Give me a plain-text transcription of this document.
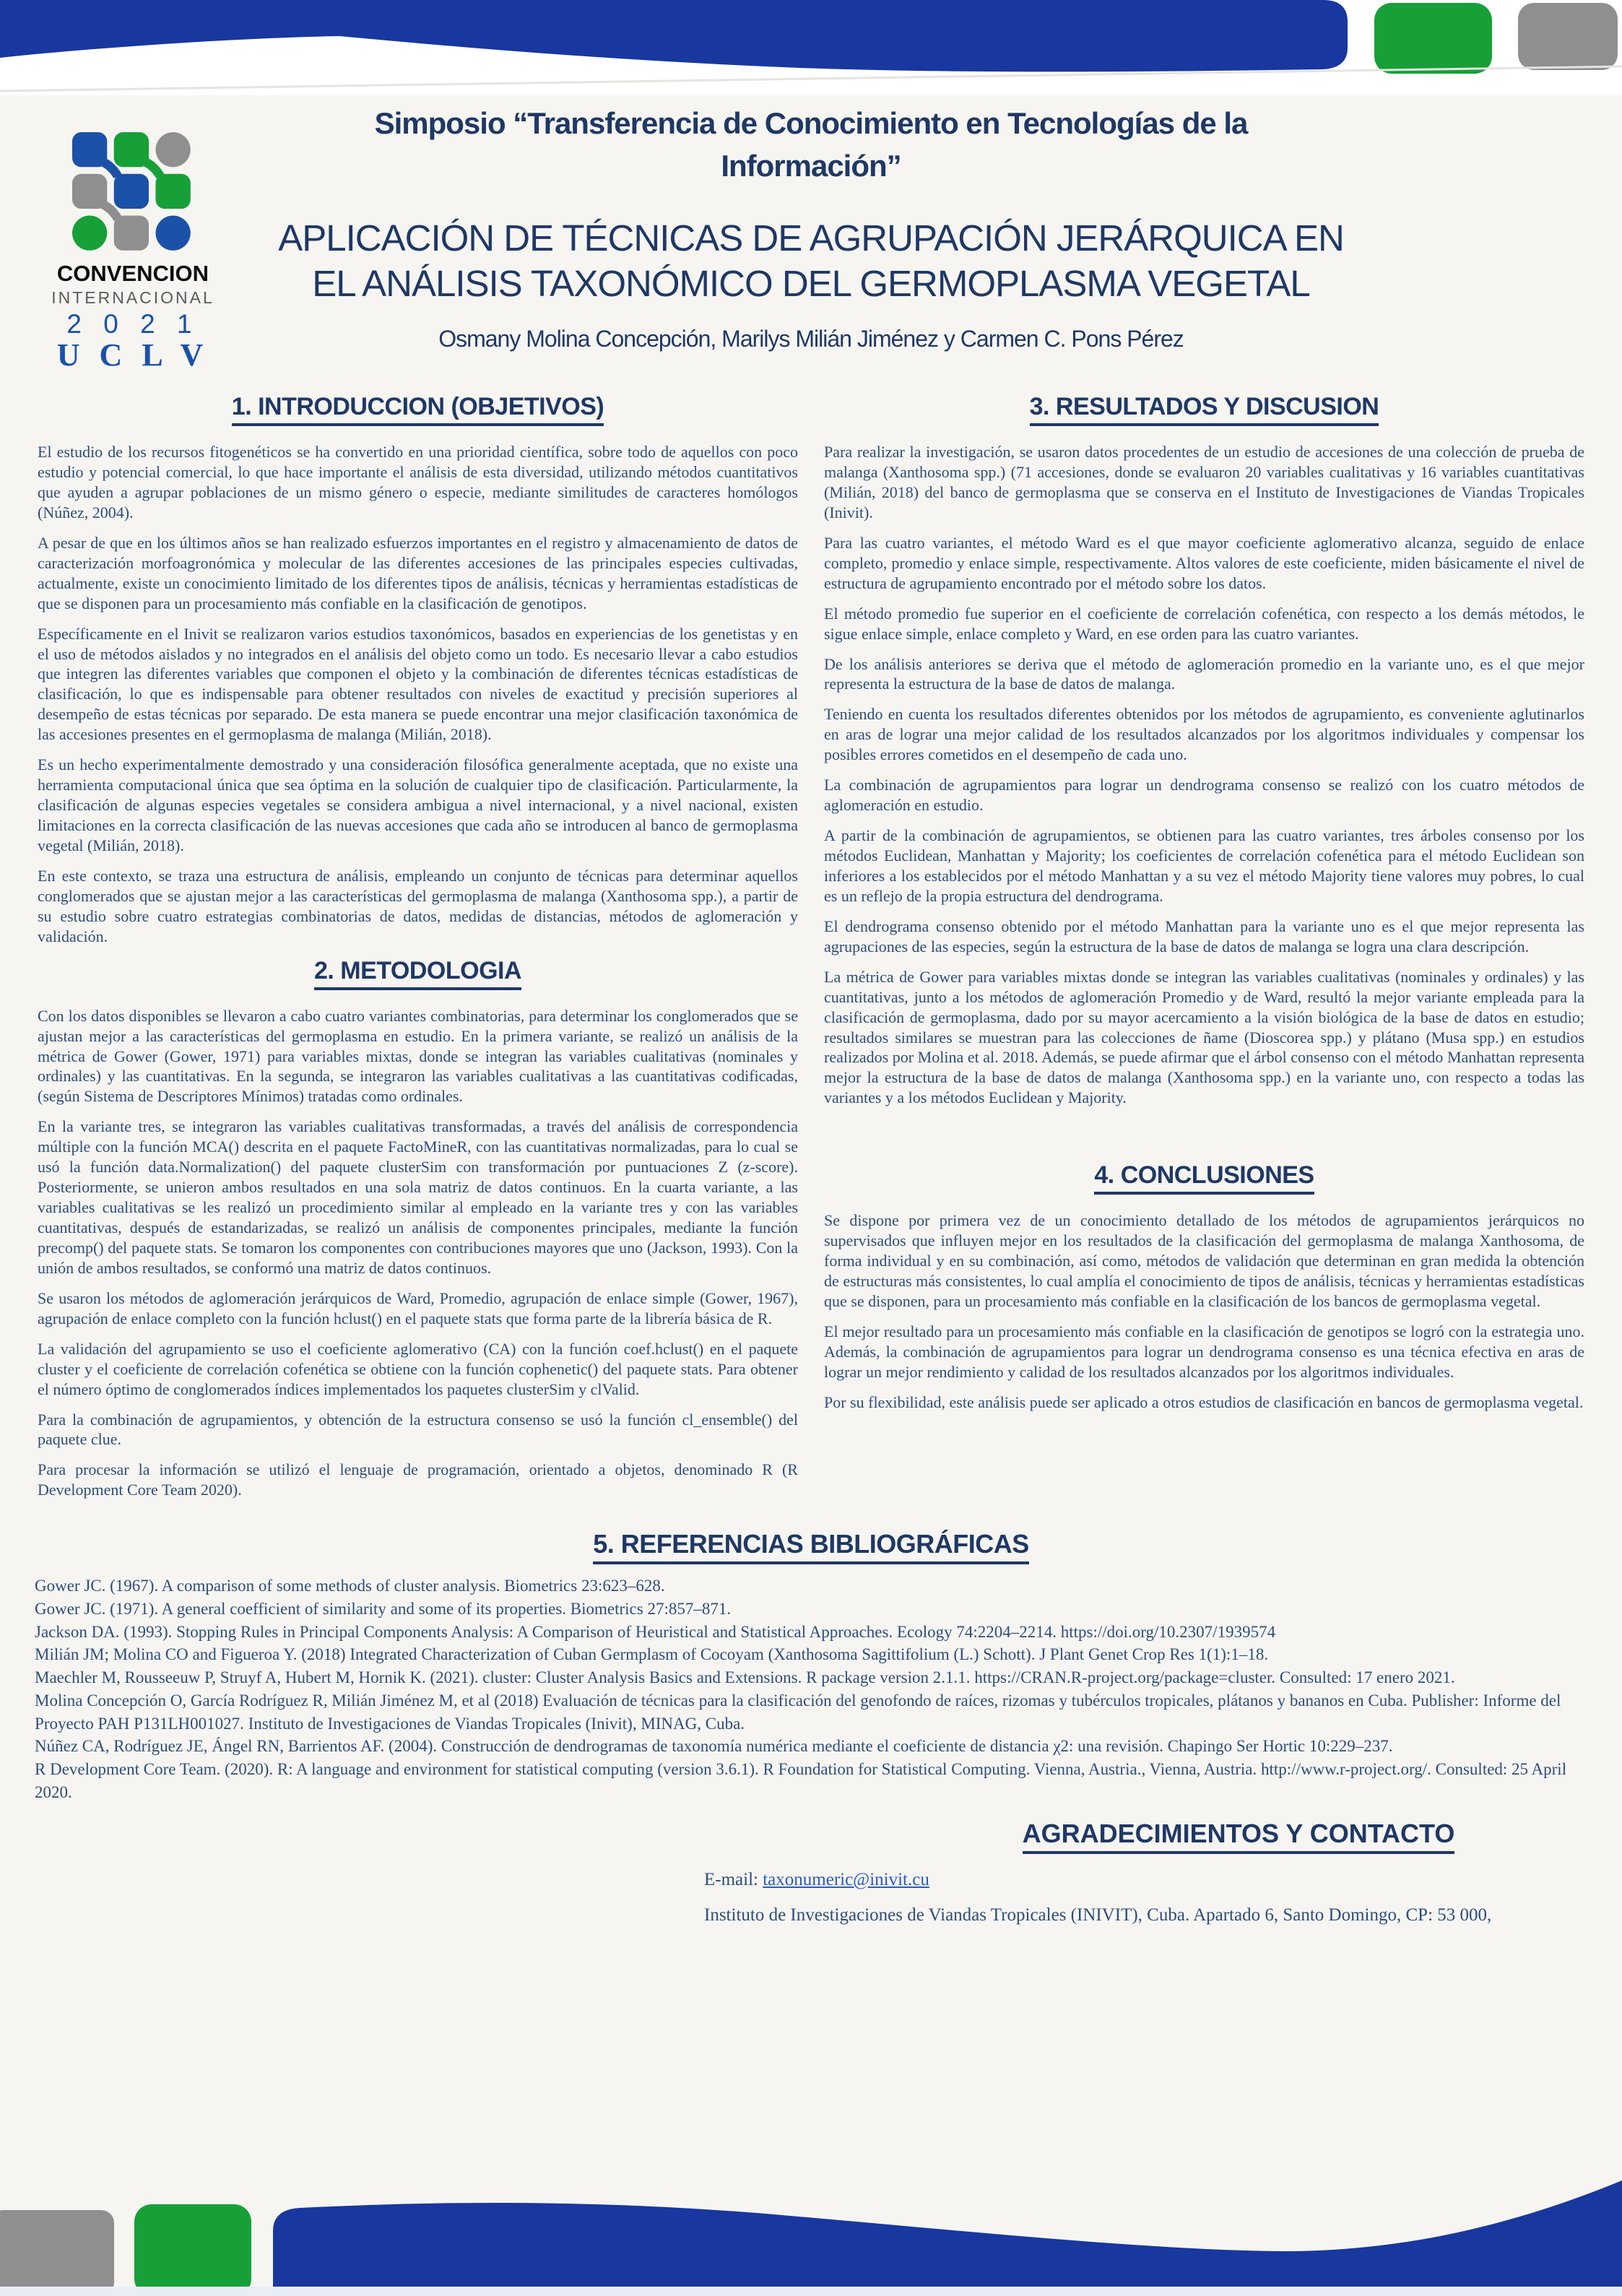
CONVENCION
INTERNACIONAL
2 0 2 1
U C L V
Simposio “Transferencia de Conocimiento en Tecnologías de la Información”
APLICACIÓN DE TÉCNICAS DE AGRUPACIÓN JERÁRQUICA EN EL ANÁLISIS TAXONÓMICO DEL GERMOPLASMA VEGETAL
Osmany Molina Concepción, Marilys Milián Jiménez y Carmen C. Pons Pérez
1. INTRODUCCION (OBJETIVOS)

El estudio de los recursos fitogenéticos se ha convertido en una prioridad científica, sobre todo de aquellos con poco estudio y potencial comercial, lo que hace importante el análisis de esta diversidad, utilizando métodos cuantitativos que ayuden a agrupar poblaciones de un mismo género o especie, mediante similitudes de caracteres homólogos (Núñez, 2004).

A pesar de que en los últimos años se han realizado esfuerzos importantes en el registro y almacenamiento de datos de caracterización morfoagronómica y molecular de las diferentes accesiones de las principales especies cultivadas, actualmente, existe un conocimiento limitado de los diferentes tipos de análisis, técnicas y herramientas estadísticas de que se disponen para un procesamiento más confiable en la clasificación de genotipos.

Específicamente en el Inivit se realizaron varios estudios taxonómicos, basados en experiencias de los genetistas y en el uso de métodos aislados y no integrados en el análisis del objeto como un todo. Es necesario llevar a cabo estudios que integren las diferentes variables que componen el objeto y la combinación de diferentes técnicas estadísticas de clasificación, lo que es indispensable para obtener resultados con niveles de exactitud y precisión superiores al desempeño de estas técnicas por separado. De esta manera se puede encontrar una mejor clasificación taxonómica de las accesiones presentes en el germoplasma de malanga (Milián, 2018).

Es un hecho experimentalmente demostrado y una consideración filosófica generalmente aceptada, que no existe una herramienta computacional única que sea óptima en la solución de cualquier tipo de clasificación. Particularmente, la clasificación de algunas especies vegetales se considera ambigua a nivel internacional, y a nivel nacional, existen limitaciones en la correcta clasificación de las nuevas accesiones que cada año se introducen al banco de germoplasma vegetal (Milián, 2018).

En este contexto, se traza una estructura de análisis, empleando un conjunto de técnicas para determinar aquellos conglomerados que se ajustan mejor a las características del germoplasma de malanga (Xanthosoma spp.), a partir de su estudio sobre cuatro estrategias combinatorias de datos, medidas de distancias, métodos de aglomeración y validación.

2. METODOLOGIA

Con los datos disponibles se llevaron a cabo cuatro variantes combinatorias, para determinar los conglomerados que se ajustan mejor a las características del germoplasma en estudio. En la primera variante, se realizó un análisis de la métrica de Gower (Gower, 1971) para variables mixtas, donde se integran las variables cualitativas (nominales y ordinales) y las cuantitativas. En la segunda, se integraron las variables cualitativas a las cuantitativas codificadas, (según Sistema de Descriptores Mínimos) tratadas como ordinales.

En la variante tres, se integraron las variables cualitativas transformadas, a través del análisis de correspondencia múltiple con la función MCA() descrita en el paquete FactoMineR, con las cuantitativas normalizadas, para lo cual se usó la función data.Normalization() del paquete clusterSim con transformación por puntuaciones Z (z-score). Posteriormente, se unieron ambos resultados en una sola matriz de datos continuos. En la cuarta variante, a las variables cualitativas se les realizó un procedimiento similar al empleado en la variante tres y con las variables cuantitativas, después de estandarizadas, se realizó un análisis de componentes principales, mediante la función precomp() del paquete stats. Se tomaron los componentes con contribuciones mayores que uno (Jackson, 1993). Con la unión de ambos resultados, se conformó una matriz de datos continuos.

Se usaron los métodos de aglomeración jerárquicos de Ward, Promedio, agrupación de enlace simple (Gower, 1967), agrupación de enlace completo con la función hclust() en el paquete stats que forma parte de la librería básica de R.

La validación del agrupamiento se uso el coeficiente aglomerativo (CA) con la función coef.hclust() en el paquete cluster y el coeficiente de correlación cofenética se obtiene con la función cophenetic() del paquete stats. Para obtener el número óptimo de conglomerados índices implementados los paquetes clusterSim y clValid.

Para la combinación de agrupamientos, y obtención de la estructura consenso se usó la función cl_ensemble() del paquete clue.

Para procesar la información se utilizó el lenguaje de programación, orientado a objetos, denominado R (R Development Core Team 2020).

3. RESULTADOS Y DISCUSION

Para realizar la investigación, se usaron datos procedentes de un estudio de accesiones de una colección de prueba de malanga (Xanthosoma spp.) (71 accesiones, donde se evaluaron 20 variables cualitativas y 16 variables cuantitativas (Milián, 2018) del banco de germoplasma que se conserva en el Instituto de Investigaciones de Viandas Tropicales (Inivit).

Para las cuatro variantes, el método Ward es el que mayor coeficiente aglomerativo alcanza, seguido de enlace completo, promedio y enlace simple, respectivamente. Altos valores de este coeficiente, miden básicamente el nivel de estructura de agrupamiento encontrado por el método sobre los datos.

El método promedio fue superior en el coeficiente de correlación cofenética, con respecto a los demás métodos, le sigue enlace simple, enlace completo y Ward, en ese orden para las cuatro variantes.

De los análisis anteriores se deriva que el método de aglomeración promedio en la variante uno, es el que mejor representa la estructura de la base de datos de malanga.

Teniendo en cuenta los resultados diferentes obtenidos por los métodos de agrupamiento, es conveniente aglutinarlos en aras de lograr una mejor calidad de los resultados alcanzados por los algoritmos individuales y compensar los posibles errores cometidos en el desempeño de cada uno.

La combinación de agrupamientos para lograr un dendrograma consenso se realizó con los cuatro métodos de aglomeración en estudio.

A partir de la combinación de agrupamientos, se obtienen para las cuatro variantes, tres árboles consenso por los métodos Euclidean, Manhattan y Majority; los coeficientes de correlación cofenética para el método Euclidean son inferiores a los establecidos por el método Manhattan y a su vez el método Majority tiene valores muy pobres, lo cual es un reflejo de la propia estructura del dendrograma.

El dendrograma consenso obtenido por el método Manhattan para la variante uno es el que mejor representa las agrupaciones de las especies, según la estructura de la base de datos de malanga se logra una clara descripción.

La métrica de Gower para variables mixtas donde se integran las variables cualitativas (nominales y ordinales) y las cuantitativas, junto a los métodos de aglomeración Promedio y de Ward, resultó la mejor variante empleada para la clasificación de germoplasma, dado por su mayor acercamiento a la visión biológica de la base de datos en estudio; resultados similares se muestran para las colecciones de ñame (Dioscorea spp.) y plátano (Musa spp.) en estudios realizados por Molina et al. 2018. Además, se puede afirmar que el árbol consenso con el método Manhattan representa mejor la estructura de la base de datos de malanga (Xanthosoma spp.) en la variante uno, con respecto a todas las variantes y a los métodos Euclidean y Majority.

4. CONCLUSIONES

Se dispone por primera vez de un conocimiento detallado de los métodos de agrupamientos jerárquicos no supervisados que influyen mejor en los resultados de la clasificación del germoplasma de malanga Xanthosoma, de forma individual y en su combinación, así como, métodos de validación que determinan en gran medida la obtención de estructuras más consistentes, lo cual amplía el conocimiento de tipos de análisis, técnicas y herramientas estadísticas que se disponen, para un procesamiento más confiable en la clasificación de los bancos de germoplasma vegetal.

El mejor resultado para un procesamiento más confiable en la clasificación de genotipos se logró con la estrategia uno. Además, la combinación de agrupamientos para lograr un dendrograma consenso es una técnica efectiva en aras de lograr un mejor rendimiento y calidad de los resultados alcanzados por los algoritmos individuales.

Por su flexibilidad, este análisis puede ser aplicado a otros estudios de clasificación en bancos de germoplasma vegetal.

5. REFERENCIAS BIBLIOGRÁFICAS

Gower JC. (1967). A comparison of some methods of cluster analysis. Biometrics 23:623–628.

Gower JC. (1971). A general coefficient of similarity and some of its properties. Biometrics 27:857–871.

Jackson DA. (1993). Stopping Rules in Principal Components Analysis: A Comparison of Heuristical and Statistical Approaches. Ecology 74:2204–2214. https://doi.org/10.2307/1939574

Milián JM; Molina CO and Figueroa Y. (2018) Integrated Characterization of Cuban Germplasm of Cocoyam (Xanthosoma Sagittifolium (L.) Schott). J Plant Genet Crop Res 1(1):1–18.

Maechler M, Rousseeuw P, Struyf A, Hubert M, Hornik K. (2021). cluster: Cluster Analysis Basics and Extensions. R package version 2.1.1. https://CRAN.R-project.org/package=cluster. Consulted: 17 enero 2021.

Molina Concepción O, García Rodríguez R, Milián Jiménez M, et al (2018) Evaluación de técnicas para la clasificación del genofondo de raíces, rizomas y tubérculos tropicales, plátanos y bananos en Cuba. Publisher: Informe del Proyecto PAH P131LH001027. Instituto de Investigaciones de Viandas Tropicales (Inivit), MINAG, Cuba.

Núñez CA, Rodríguez JE, Ángel RN, Barrientos AF. (2004). Construcción de dendrogramas de taxonomía numérica mediante el coeficiente de distancia χ2: una revisión. Chapingo Ser Hortic 10:229–237.

R Development Core Team. (2020). R: A language and environment for statistical computing (version 3.6.1). R Foundation for Statistical Computing. Vienna, Austria., Vienna, Austria. http://www.r-project.org/. Consulted: 25 April 2020.

AGRADECIMIENTOS Y CONTACTO

E-mail: taxonumeric@inivit.cu

Instituto de Investigaciones de Viandas Tropicales (INIVIT), Cuba. Apartado 6, Santo Domingo, CP: 53 000,
